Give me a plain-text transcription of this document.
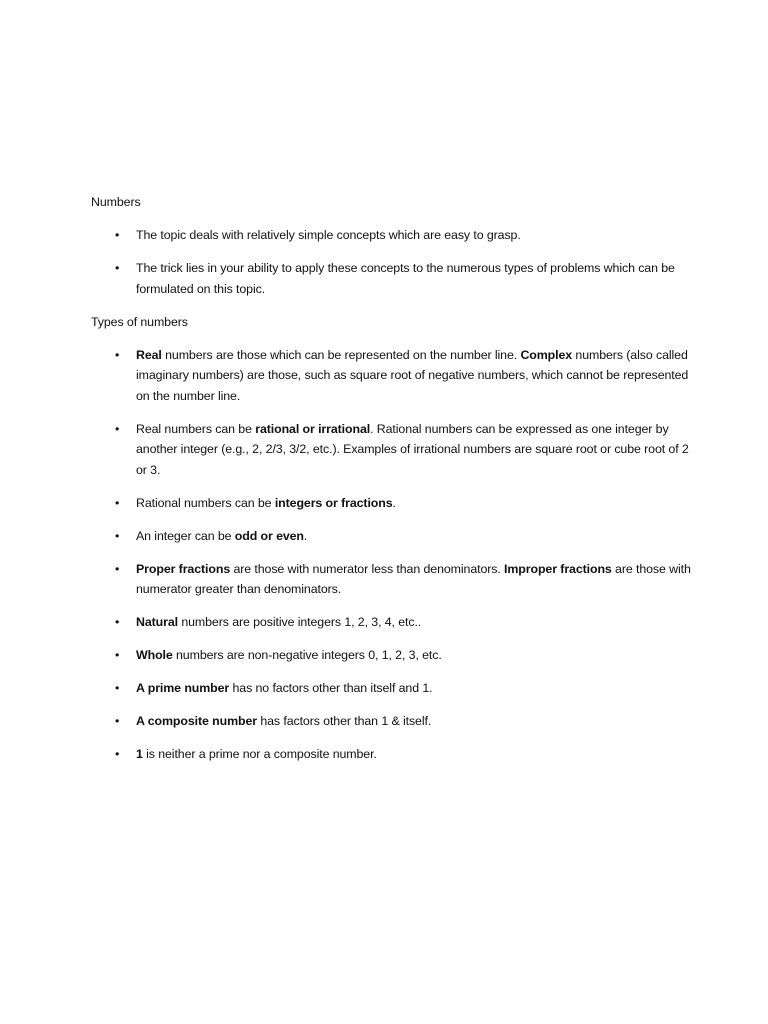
Numbers

• The topic deals with relatively simple concepts which are easy to grasp.
• The trick lies in your ability to apply these concepts to the numerous types of problems which can be formulated on this topic.

Types of numbers

• Real numbers are those which can be represented on the number line. Complex numbers (also called imaginary numbers) are those, such as square root of negative numbers, which cannot be represented on the number line.
• Real numbers can be rational or irrational. Rational numbers can be expressed as one integer by another integer (e.g., 2, 2/3, 3/2, etc.). Examples of irrational numbers are square root or cube root of 2 or 3.
• Rational numbers can be integers or fractions.
• An integer can be odd or even.
• Proper fractions are those with numerator less than denominators. Improper fractions are those with numerator greater than denominators.
• Natural numbers are positive integers 1, 2, 3, 4, etc..
• Whole numbers are non-negative integers 0, 1, 2, 3, etc.
• A prime number has no factors other than itself and 1.
• A composite number has factors other than 1 & itself.
• 1 is neither a prime nor a composite number.
